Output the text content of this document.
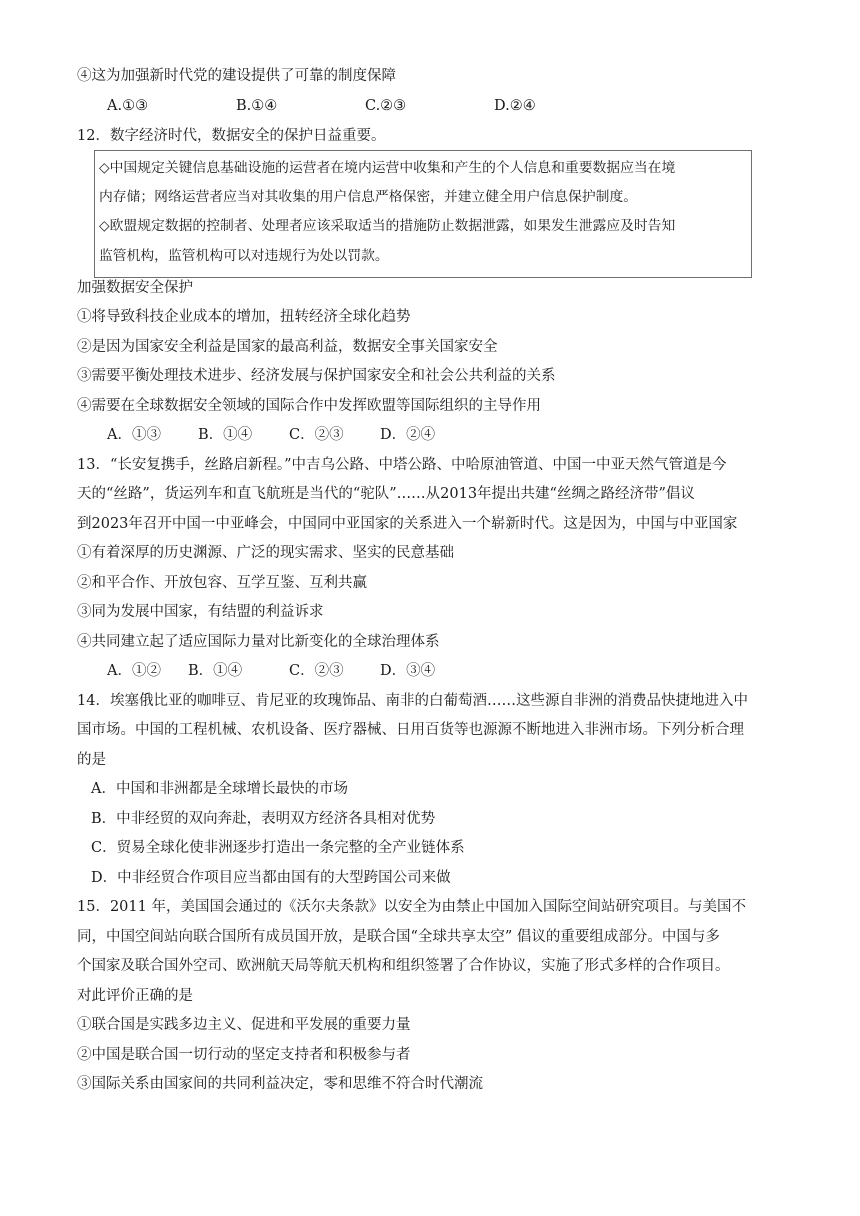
④这为加强新时代党的建设提供了可靠的制度保障
A.①③	B.①④	C.②③	D.②④
12．数字经济时代，数据安全的保护日益重要。
◇中国规定关键信息基础设施的运营者在境内运营中收集和产生的个人信息和重要数据应当在境
内存储；网络运营者应当对其收集的用户信息严格保密，并建立健全用户信息保护制度。
◇欧盟规定数据的控制者、处理者应该采取适当的措施防止数据泄露，如果发生泄露应及时告知
监管机构，监管机构可以对违规行为处以罚款。
加强数据安全保护
①将导致科技企业成本的增加，扭转经济全球化趋势
②是因为国家安全利益是国家的最高利益，数据安全事关国家安全
③需要平衡处理技术进步、经济发展与保护国家安全和社会公共利益的关系
④需要在全球数据安全领域的国际合作中发挥欧盟等国际组织的主导作用
A．①③	B．①④	C．②③	D．②④
13．“长安复携手，丝路启新程。”中吉乌公路、中塔公路、中哈原油管道、中国一中亚天然气管道是今
天的“丝路”，货运列车和直飞航班是当代的“驼队”……从2013年提出共建“丝绸之路经济带”倡议
到2023年召开中国一中亚峰会，中国同中亚国家的关系进入一个崭新时代。这是因为，中国与中亚国家
①有着深厚的历史渊源、广泛的现实需求、坚实的民意基础
②和平合作、开放包容、互学互鉴、互利共赢
③同为发展中国家，有结盟的利益诉求
④共同建立起了适应国际力量对比新变化的全球治理体系
A．①② B．①④	C．②③	D．③④
14．埃塞俄比亚的咖啡豆、肯尼亚的玫瑰饰品、南非的白葡萄酒……这些源自非洲的消费品快捷地进入中
国市场。中国的工程机械、农机设备、医疗器械、日用百货等也源源不断地进入非洲市场。下列分析合理
的是
A．中国和非洲都是全球增长最快的市场
B．中非经贸的双向奔赴，表明双方经济各具相对优势
C．贸易全球化使非洲逐步打造出一条完整的全产业链体系
D．中非经贸合作项目应当都由国有的大型跨国公司来做
15．2011 年，美国国会通过的《沃尔夫条款》以安全为由禁止中国加入国际空间站研究项目。与美国不
同，中国空间站向联合国所有成员国开放，是联合国“全球共享太空” 倡议的重要组成部分。中国与多
个国家及联合国外空司、欧洲航天局等航天机构和组织签署了合作协议，实施了形式多样的合作项目。
对此评价正确的是
①联合国是实践多边主义、促进和平发展的重要力量
②中国是联合国一切行动的坚定支持者和积极参与者
③国际关系由国家间的共同利益决定，零和思维不符合时代潮流
